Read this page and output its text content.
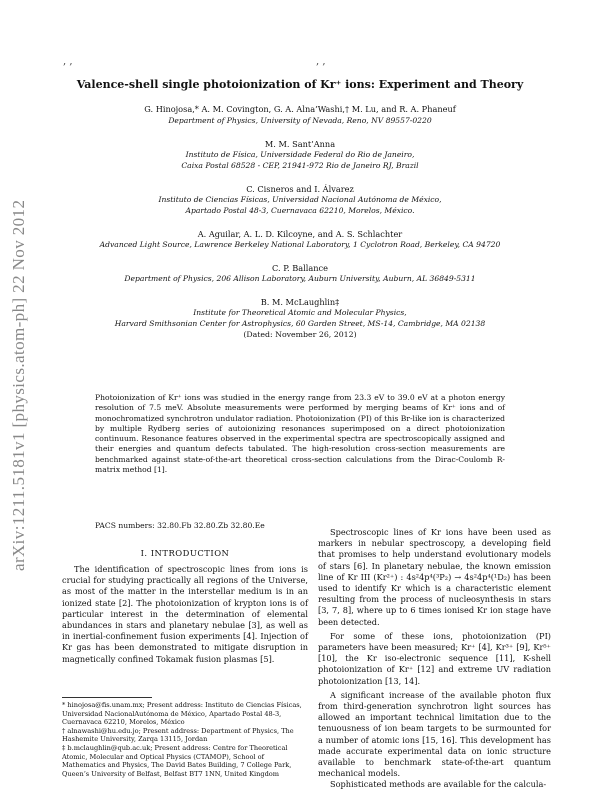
arXiv:1211.5181v1 [physics.atom-ph] 22 Nov 2012
, ,	, ,
Valence-shell single photoionization of Kr⁺ ions: Experiment and Theory
G. Hinojosa,* A. M. Covington, G. A. Alna’Washi,† M. Lu, and R. A. Phaneuf
Department of Physics, University of Nevada, Reno, NV 89557-0220
M. M. Sant’Anna
Instituto de Física, Universidade Federal do Rio de Janeiro,
Caixa Postal 68528 - CEP, 21941-972 Rio de Janeiro RJ, Brazil
C. Cisneros and I. Álvarez
Instituto de Ciencias Físicas, Universidad Nacional Autónoma de México,
Apartado Postal 48-3, Cuernavaca 62210, Morelos, México.
A. Aguilar, A. L. D. Kilcoyne, and A. S. Schlachter
Advanced Light Source, Lawrence Berkeley National Laboratory, 1 Cyclotron Road, Berkeley, CA 94720
C. P. Ballance
Department of Physics, 206 Allison Laboratory, Auburn University, Auburn, AL 36849-5311
B. M. McLaughlin‡
Institute for Theoretical Atomic and Molecular Physics,
Harvard Smithsonian Center for Astrophysics, 60 Garden Street, MS-14, Cambridge, MA 02138
(Dated: November 26, 2012)
Photoionization of Kr⁺ ions was studied in the energy range from 23.3 eV to 39.0 eV at a photon energy resolution of 7.5 meV. Absolute measurements were performed by merging beams of Kr⁺ ions and of monochromatized synchrotron undulator radiation. Photoionization (PI) of this Br-like ion is characterized by multiple Rydberg series of autoionizing resonances superimposed on a direct photoionization continuum. Resonance features observed in the experimental spectra are spectroscopically assigned and their energies and quantum defects tabulated. The high-resolution cross-section measurements are benchmarked against state-of-the-art theoretical cross-section calculations from the Dirac-Coulomb R-matrix method [1].
PACS numbers: 32.80.Fb 32.80.Zb 32.80.Ee
I. INTRODUCTION

The identification of spectroscopic lines from ions is crucial for studying practically all regions of the Universe, as most of the matter in the interstellar medium is in an ionized state [2]. The photoionization of krypton ions is of particular interest in the determination of elemental abundances in stars and planetary nebulae [3], as well as in inertial-confinement fusion experiments [4]. Injection of Kr gas has been demonstrated to mitigate disruption in magnetically confined Tokamak fusion plasmas [5].

* hinojosa@fis.unam.mx; Present address: Instituto de Ciencias Físicas, Universidad NacionalAutónoma de México, Apartado Postal 48-3, Cuernavaca 62210, Morelos, México
† alnawashi@hu.edu.jo; Present address: Department of Physics, The Hashemite University, Zarqa 13115, Jordan
‡ b.mclaughlin@qub.ac.uk; Present address: Centre for Theoretical Atomic, Molecular and Optical Physics (CTAMOP), School of Mathematics and Physics, The David Bates Building, 7 College Park, Queen’s University of Belfast, Belfast BT7 1NN, United Kingdom

Spectroscopic lines of Kr ions have been used as markers in nebular spectroscopy, a developing field that promises to help understand evolutionary models of stars [6]. In planetary nebulae, the known emission line of Kr III (Kr²⁺) : 4s²4p⁴(³P₂) → 4s²4p⁴(¹D₂) has been used to identify Kr which is a characteristic element resulting from the process of nucleosynthesis in stars [3, 7, 8], where up to 6 times ionised Kr ion stage have been detected.

For some of these ions, photoionization (PI) parameters have been measured; Kr⁺ [4], Kr³⁺ [9], Kr⁵⁺ [10], the Kr iso-electronic sequence [11], K-shell photoionization of Kr⁺ [12] and extreme UV radiation photoionization [13, 14].

A significant increase of the available photon flux from third-generation synchrotron light sources has allowed an important technical limitation due to the tenuousness of ion beam targets to be surmounted for a number of atomic ions [15, 16]. This development has made accurate experimental data on ionic structure available to benchmark state-of-the-art quantum mechanical models.

Sophisticated methods are available for the calcula-
